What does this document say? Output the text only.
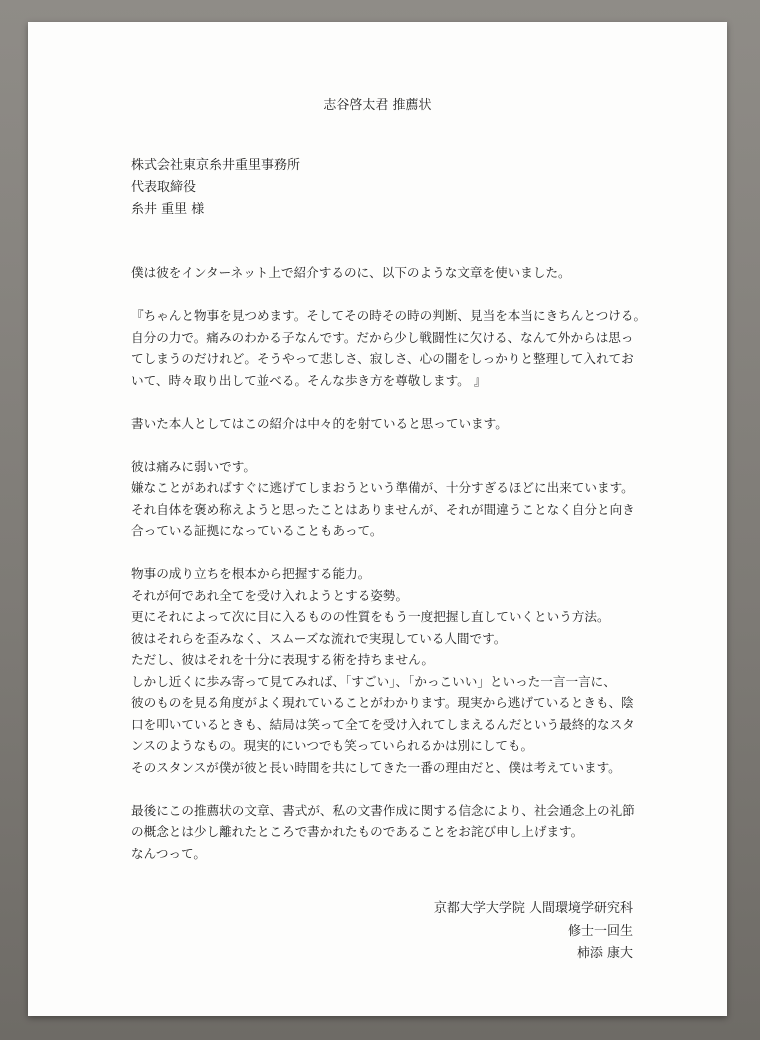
志谷啓太君 推薦状
株式会社東京糸井重里事務所
代表取締役
糸井 重里 様
僕は彼をインターネット上で紹介するのに、以下のような文章を使いました。
『ちゃんと物事を見つめます。そしてその時その時の判断、見当を本当にきちんとつける。
自分の力で。痛みのわかる子なんです。だから少し戦闘性に欠ける、なんて外からは思っ
てしまうのだけれど。そうやって悲しさ、寂しさ、心の闇をしっかりと整理して入れてお
いて、時々取り出して並べる。そんな歩き方を尊敬します。 』
書いた本人としてはこの紹介は中々的を射ていると思っています。
彼は痛みに弱いです。
嫌なことがあればすぐに逃げてしまおうという準備が、十分すぎるほどに出来ています。
それ自体を褒め称えようと思ったことはありませんが、それが間違うことなく自分と向き
合っている証拠になっていることもあって。
物事の成り立ちを根本から把握する能力。
それが何であれ全てを受け入れようとする姿勢。
更にそれによって次に目に入るものの性質をもう一度把握し直していくという方法。
彼はそれらを歪みなく、スムーズな流れで実現している人間です。
ただし、彼はそれを十分に表現する術を持ちません。
しかし近くに歩み寄って見てみれば、「すごい」、「かっこいい」といった一言一言に、
彼のものを見る角度がよく現れていることがわかります。現実から逃げているときも、陰
口を叩いているときも、結局は笑って全てを受け入れてしまえるんだという最終的なスタ
ンスのようなもの。現実的にいつでも笑っていられるかは別にしても。
そのスタンスが僕が彼と長い時間を共にしてきた一番の理由だと、僕は考えています。
最後にこの推薦状の文章、書式が、私の文書作成に関する信念により、社会通念上の礼節
の概念とは少し離れたところで書かれたものであることをお詫び申し上げます。
なんつって。
京都大学大学院 人間環境学研究科
修士一回生
柿添 康大
